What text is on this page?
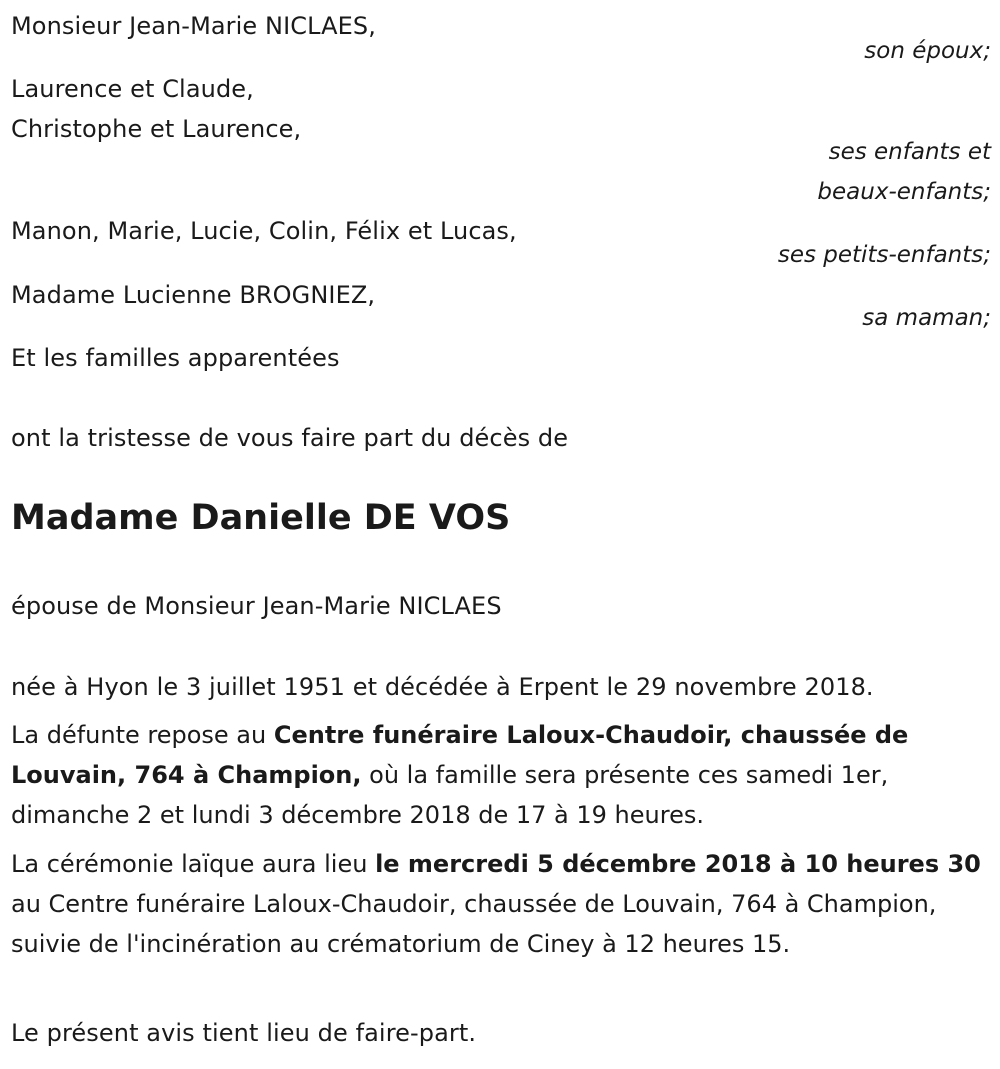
Monsieur Jean-Marie NICLAES,
son époux;
Laurence et Claude,
Christophe et Laurence,
ses enfants et
beaux-enfants;
Manon, Marie, Lucie, Colin, Félix et Lucas,
ses petits-enfants;
Madame Lucienne BROGNIEZ,
sa maman;
Et les familles apparentées
ont la tristesse de vous faire part du décès de
Madame Danielle DE VOS
épouse de Monsieur Jean-Marie NICLAES
née à Hyon le 3 juillet 1951 et décédée à Erpent le 29 novembre 2018.
La défunte repose au Centre funéraire Laloux-Chaudoir, chaussée de Louvain, 764 à Champion, où la famille sera présente ces samedi 1er, dimanche 2 et lundi 3 décembre 2018 de 17 à 19 heures.
La cérémonie laïque aura lieu le mercredi 5 décembre 2018 à 10 heures 30 au Centre funéraire Laloux-Chaudoir, chaussée de Louvain, 764 à Champion, suivie de l'incinération au crématorium de Ciney à 12 heures 15.
Le présent avis tient lieu de faire-part.
